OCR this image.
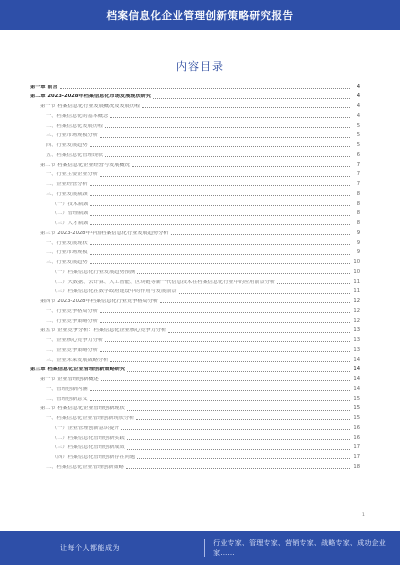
档案信息化企业管理创新策略研究报告
内容目录
第一章 前言	4
第二章 2023-2028年档案信息化市场发展现状研究	4
第一节 档案信息化行业发展概况及发展历程	4
一、档案信息化的基本概念	4
二、档案信息化发展历程	5
三、行业市场规模分析	5
四、行业发展趋势	5
五、档案信息化管理现状	6
第二节 档案信息化企业经营与发展概况	7
一、行业主要企业分析	7
二、企业经营分析	7
三、行业发展瓶颈	8
（一）技术瓶颈	8
（二）管理瓶颈	8
（三）人才瓶颈	8
第三节 2023-2028年中国档案信息化行业发展趋势分析	9
一、行业发展现状	9
二、行业市场规模	9
三、行业发展趋势	10
（一）档案信息化行业发展趋势预测	10
（二）大数据、云计算、人工智能、区块链等新一代信息技术在档案信息化行业中的应用前景分析	11
（三）档案信息化在数字政府建设中的作用与发展前景	11
第四节 2023-2028年档案信息化行业竞争格局分析	12
一、行业竞争格局分析	12
二、行业竞争策略分析	12
第五节 企业竞争分析：档案信息化企业核心竞争力分析	13
一、企业核心竞争力分析	13
二、企业竞争策略分析	13
三、企业未来发展战略分析	14
第三章 档案信息化企业管理创新策略研究	14
第一节 企业管理创新概述	14
一、管理创新内涵	14
二、管理创新意义	15
第二节 档案信息化企业管理创新现状	15
一、档案信息化企业管理创新现状分析	15
（一）企业管理创新意识提升	16
（二）档案信息化管理创新实践	16
（三）档案信息化管理创新成效	17
（四）档案信息化管理创新存在问题	17
二、档案信息化企业管理创新策略	18
1
让每个人都能成为
行业专家、管理专家、营销专家、战略专家、成功企业家……
